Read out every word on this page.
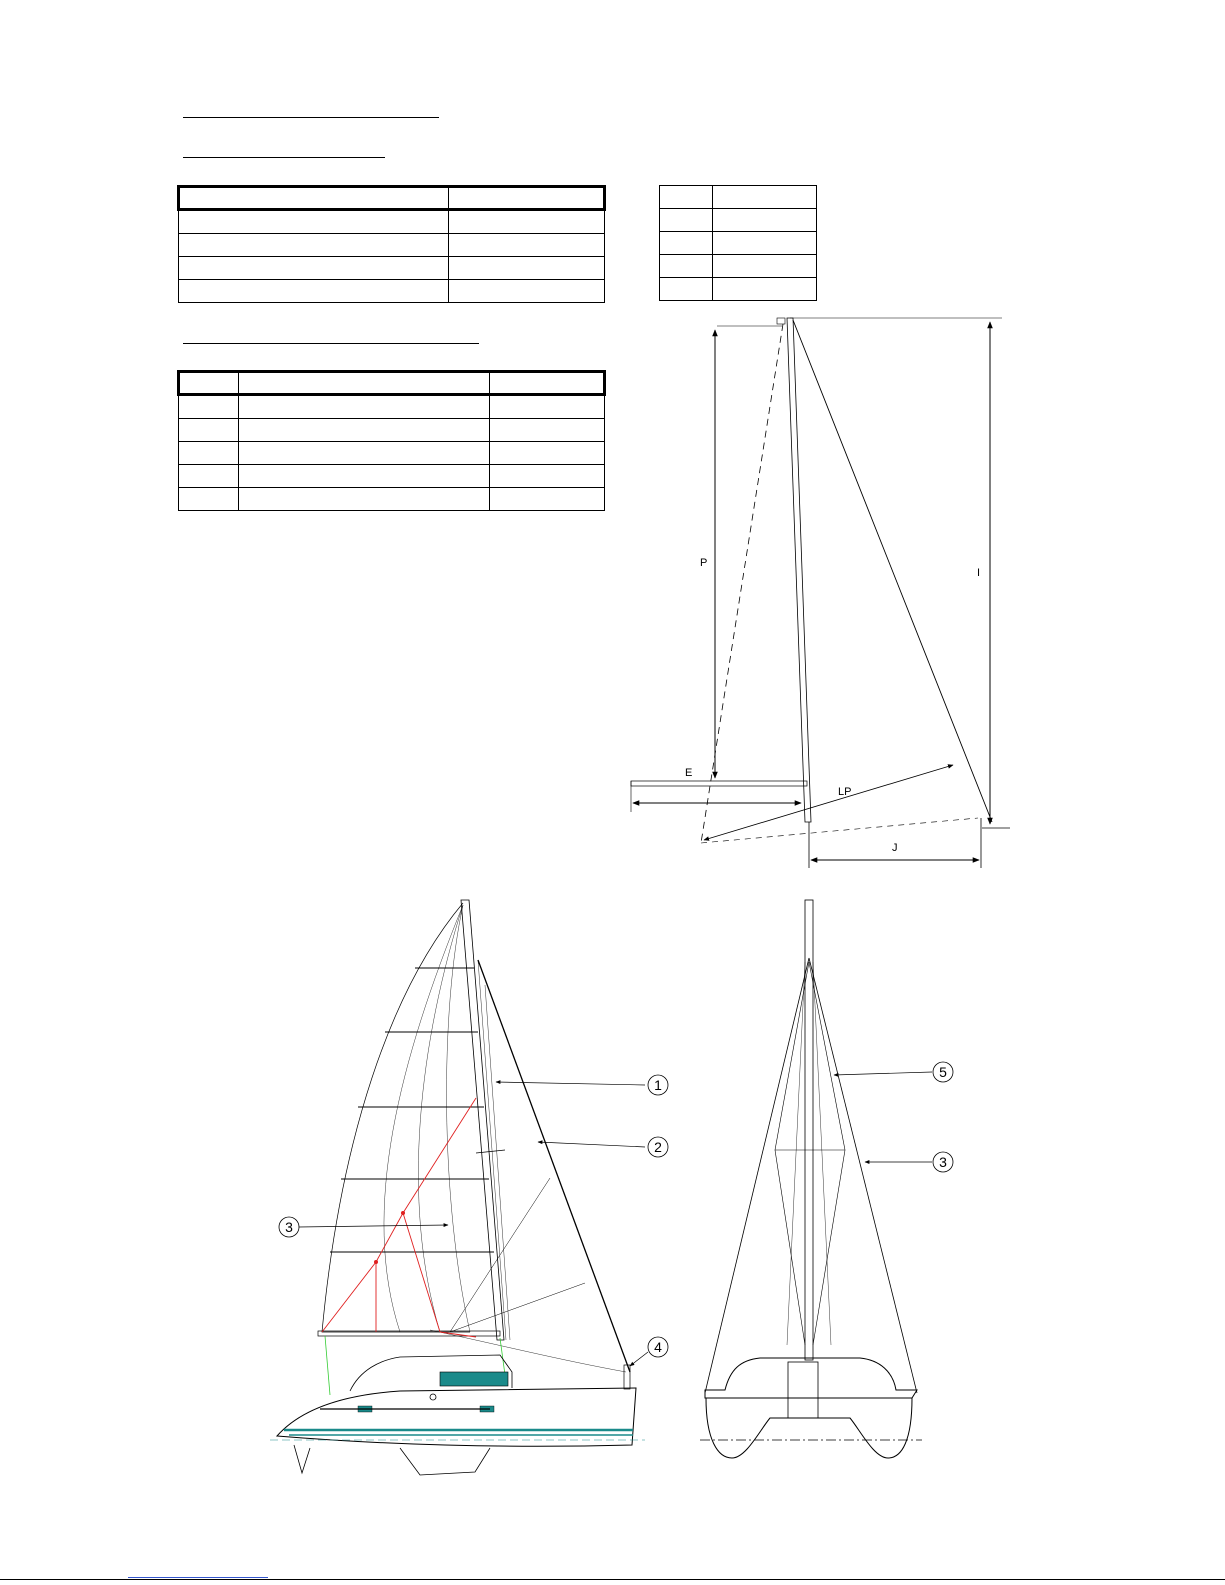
P
E
LP
I
J
1
2
3
4
5
3
